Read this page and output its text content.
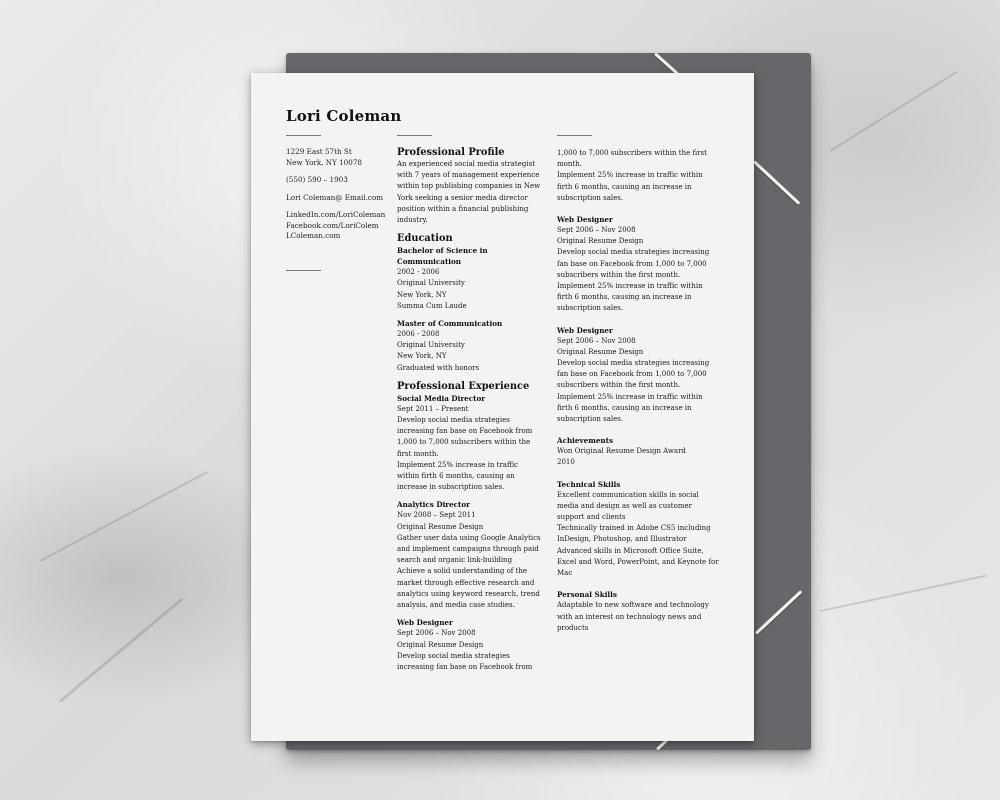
Lori Coleman
1229 East 57th St
New York, NY 10078
(550) 590 – 1903
Lori Coleman@ Email.com
LinkedIn.com/LoriColeman
Facebook.com/LoriColem
LColeman.com
Professional Profile
An experienced social media strategist
with 7 years of management experience
within top publishing companies in New
York seeking a senior media director
position within a financial publishing
industry.
Education
Bachelor of Science in Communication
2002 - 2006
Original University
New York, NY
Summa Cum Laude
Master of Communication
2006 - 2008
Original University
New York, NY
Graduated with honors
Professional Experience
Social Media Director
Sept 2011 – Present
Develop social media strategies
increasing fan base on Facebook from
1,000 to 7,000 subscribers within the
first month.
Implement 25% increase in traffic
within firth 6 months, causing an
increase in subscription sales.
Analytics Director
Nov 2008 – Sept 2011
Original Resume Design
Gather user data using Google Analytics
and implement campaigns through paid
search and organic link-building
Achieve a solid understanding of the
market through effective research and
analytics using keyword research, trend
analysis, and media case studies.
Web Designer
Sept 2006 – Nov 2008
Original Resume Design
Develop social media strategies
increasing fan base on Facebook from
1,000 to 7,000 subscribers within the first
month.
Implement 25% increase in traffic within
firth 6 months, causing an increase in
subscription sales.
Web Designer
Sept 2006 – Nov 2008
Original Resume Design
Develop social media strategies increasing
fan base on Facebook from 1,000 to 7,000
subscribers within the first month.
Implement 25% increase in traffic within
firth 6 months, causing an increase in
subscription sales.
Web Designer
Sept 2006 – Nov 2008
Original Resume Design
Develop social media strategies increasing
fan base on Facebook from 1,000 to 7,000
subscribers within the first month.
Implement 25% increase in traffic within
firth 6 months, causing an increase in
subscription sales.
Achievements
Won Original Resume Design Award
2010
Technical Skills
Excellent communication skills in social
media and design as well as customer
support and clients
Technically trained in Adobe CS5 including
InDesign, Photoshop, and Illustrator
Advanced skills in Microsoft Office Suite,
Excel and Word, PowerPoint, and Keynote for
Mac
Personal Skills
Adaptable to new software and technology
with an interest on technology news and
products
